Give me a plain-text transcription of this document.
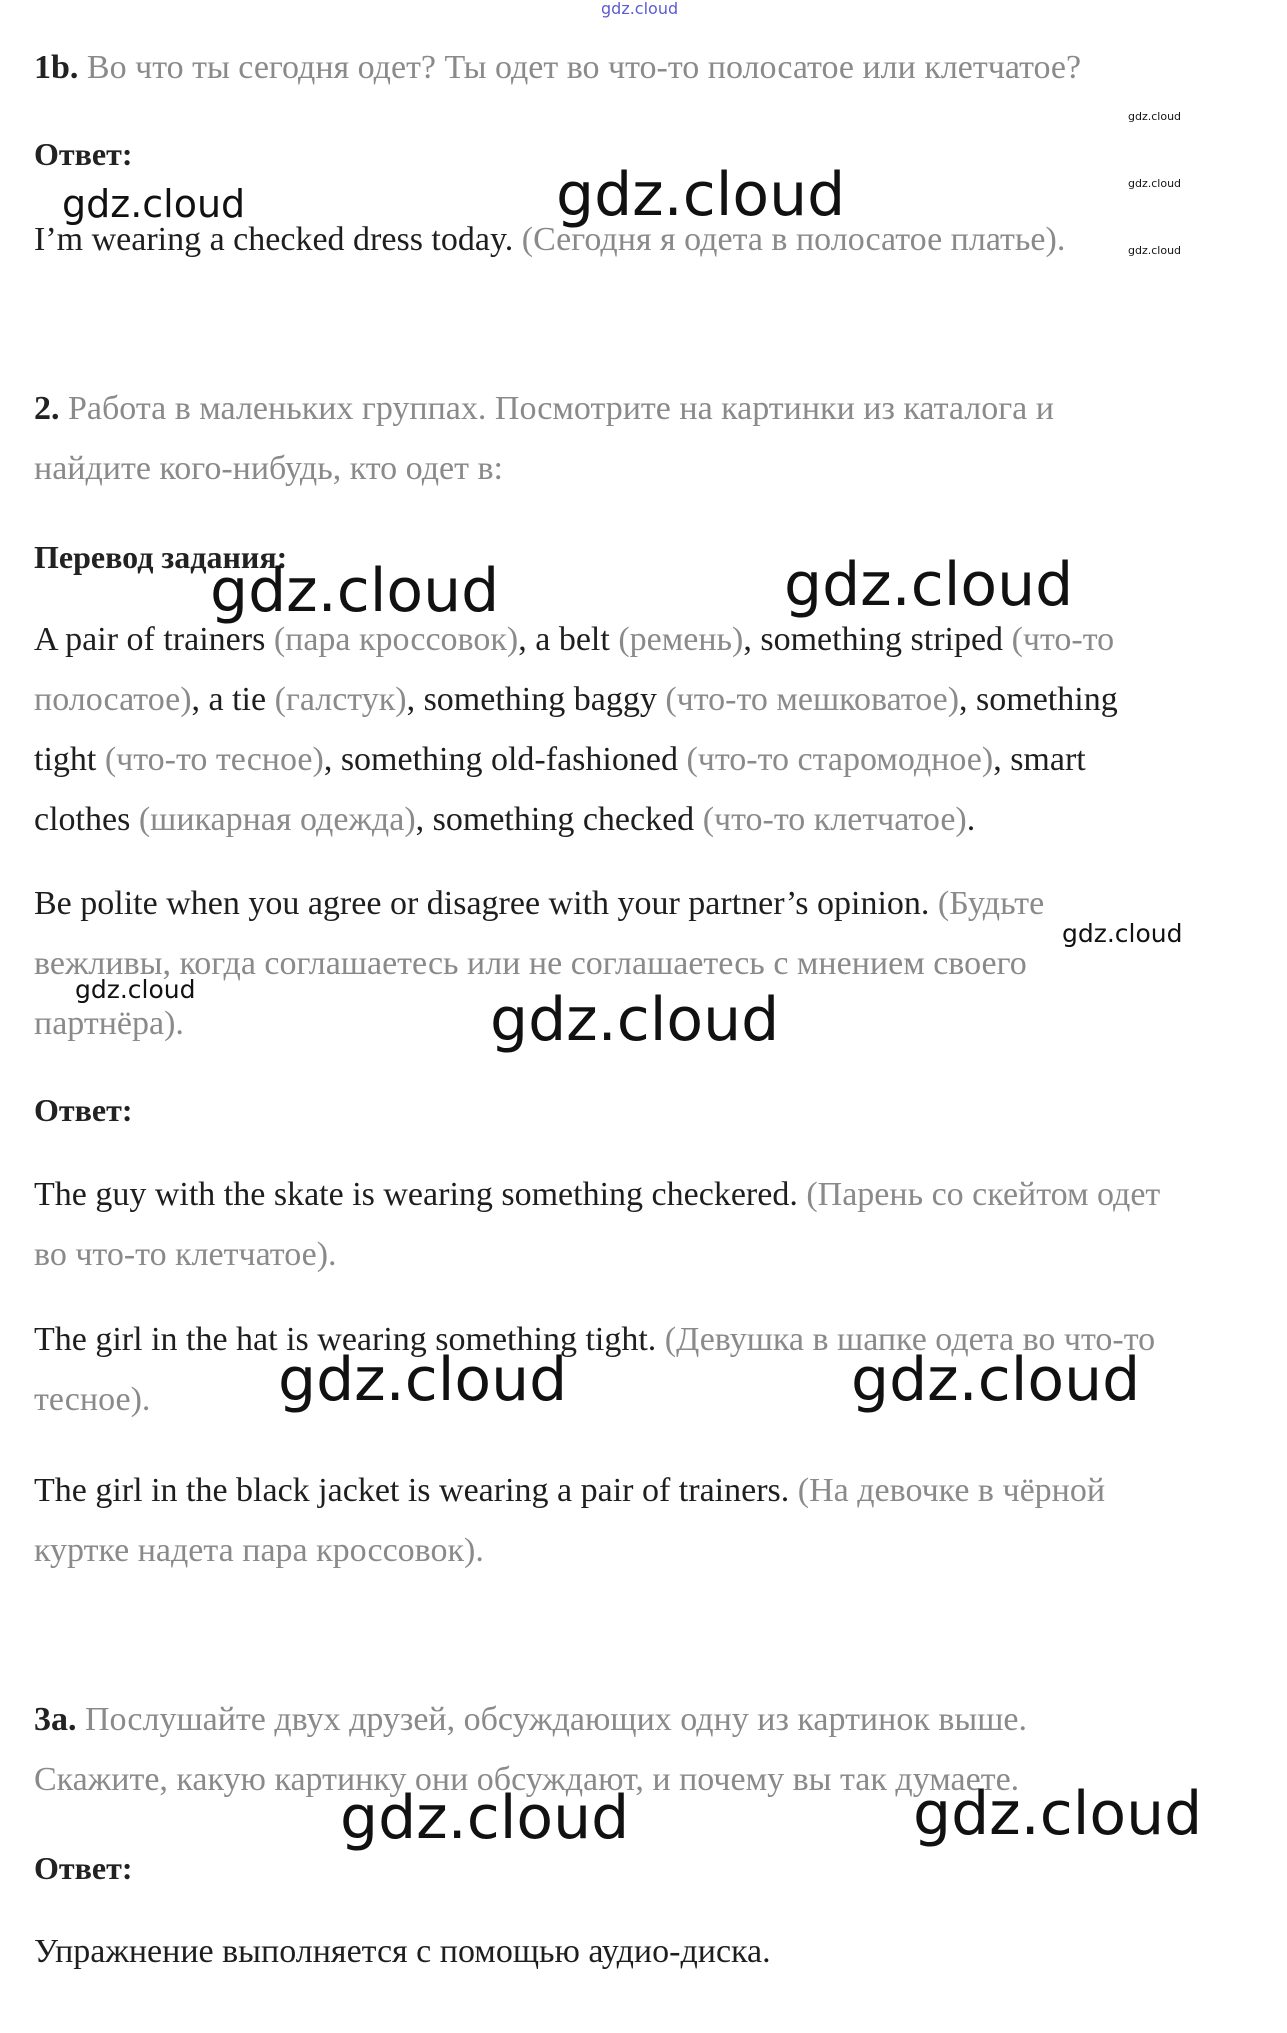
1b. Во что ты сегодня одет? Ты одет во что-то полосатое или клетчатое?
Ответ:
I’m wearing a checked dress today. (Сегодня я одета в полосатое платье).
2. Работа в маленьких группах. Посмотрите на картинки из каталога и
найдите кого-нибудь, кто одет в:
Перевод задания:
A pair of trainers (пара кроссовок), a belt (ремень), something striped (что-то
полосатое), a tie (галстук), something baggy (что-то мешковатое), something
tight (что-то тесное), something old-fashioned (что-то старомодное), smart
clothes (шикарная одежда), something checked (что-то клетчатое).
Be polite when you agree or disagree with your partner’s opinion. (Будьте
вежливы, когда соглашаетесь или не соглашаетесь с мнением своего
партнёра).
Ответ:
The guy with the skate is wearing something checkered. (Парень со скейтом одет
во что-то клетчатое).
The girl in the hat is wearing something tight. (Девушка в шапке одета во что-то
тесное).
The girl in the black jacket is wearing a pair of trainers. (На девочке в чёрной
куртке надета пара кроссовок).
3a. Послушайте двух друзей, обсуждающих одну из картинок выше.
Скажите, какую картинку они обсуждают, и почему вы так думаете.
Ответ:
Упражнение выполняется с помощью аудио-диска.
gdz.cloud
gdz.cloud
gdz.cloud
gdz.cloud
gdz.cloud	gdz.cloud
gdz.cloud	gdz.cloud
gdz.cloud
gdz.cloud	gdz.cloud
gdz.cloud	gdz.cloud
gdz.cloud	gdz.cloud
